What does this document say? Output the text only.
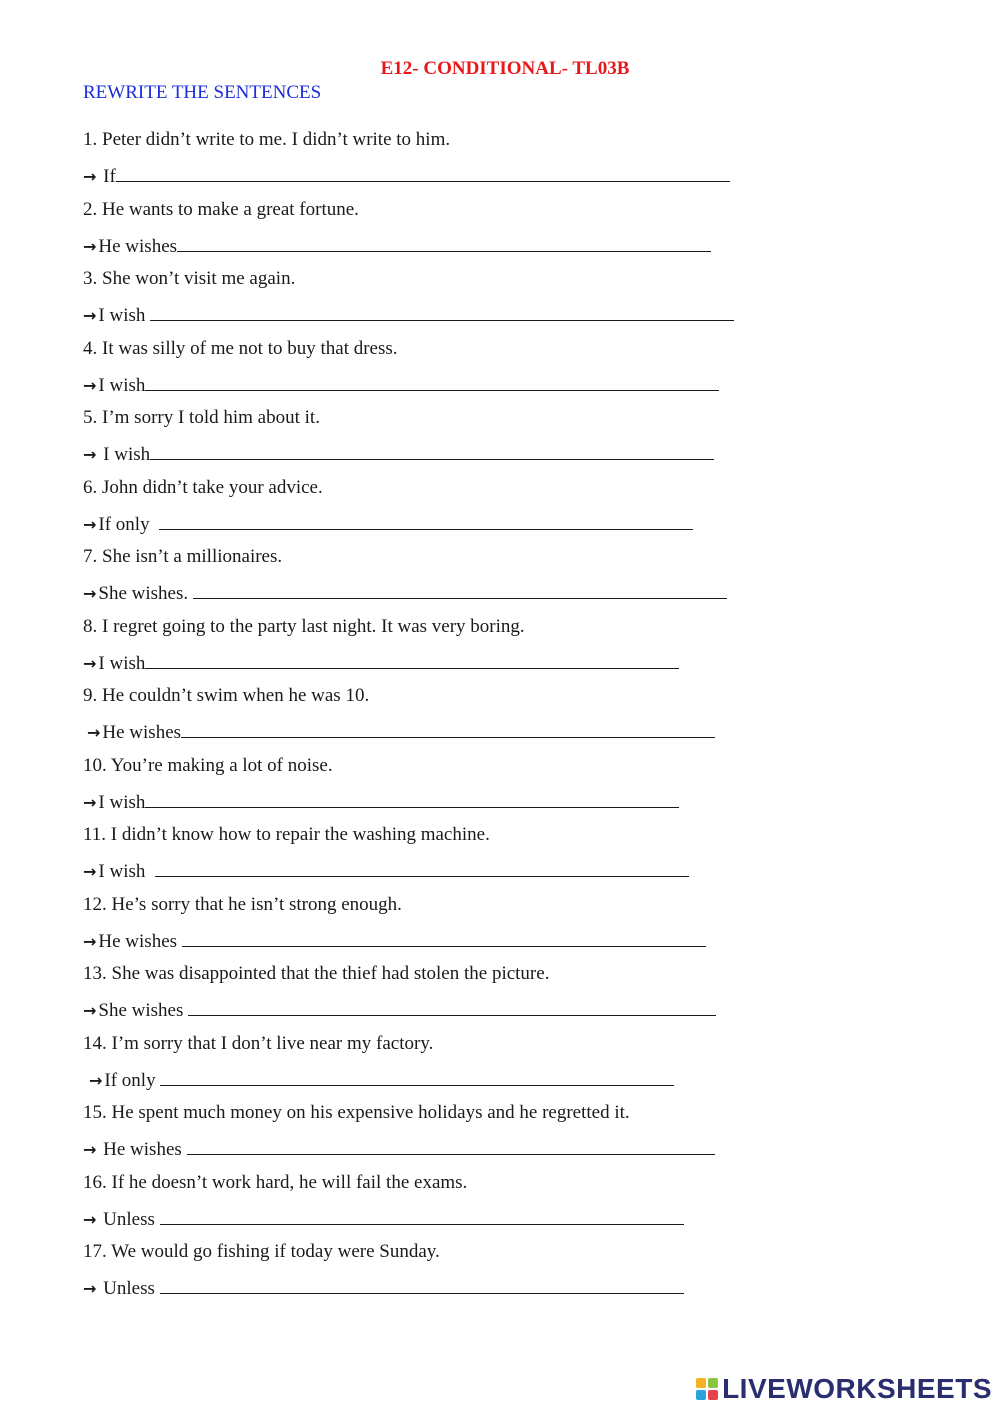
E12- CONDITIONAL- TL03B
REWRITE THE SENTENCES
1. Peter didn’t write to me. I didn’t write to him.
→ If
2. He wants to make a great fortune.
→ He wishes
3. She won’t visit me again.
→ I wish
4. It was silly of me not to buy that dress.
→ I wish
5. I’m sorry I told him about it.
→ I wish
6. John didn’t take your advice.
→ If only
7. She isn’t a millionaires.
→ She wishes.
8. I regret going to the party last night. It was very boring.
→ I wish
9. He couldn’t swim when he was 10.
→ He wishes
10. You’re making a lot of noise.
→ I wish
11. I didn’t know how to repair the washing machine.
→ I wish
12. He’s sorry that he isn’t strong enough.
→ He wishes
13. She was disappointed that the thief had stolen the picture.
→ She wishes
14. I’m sorry that I don’t live near my factory.
→ If only
15. He spent much money on his expensive holidays and he regretted it.
→ He wishes
16. If he doesn’t work hard, he will fail the exams.
→ Unless
17. We would go fishing if today were Sunday.
→ Unless
LIVEWORKSHEETS
